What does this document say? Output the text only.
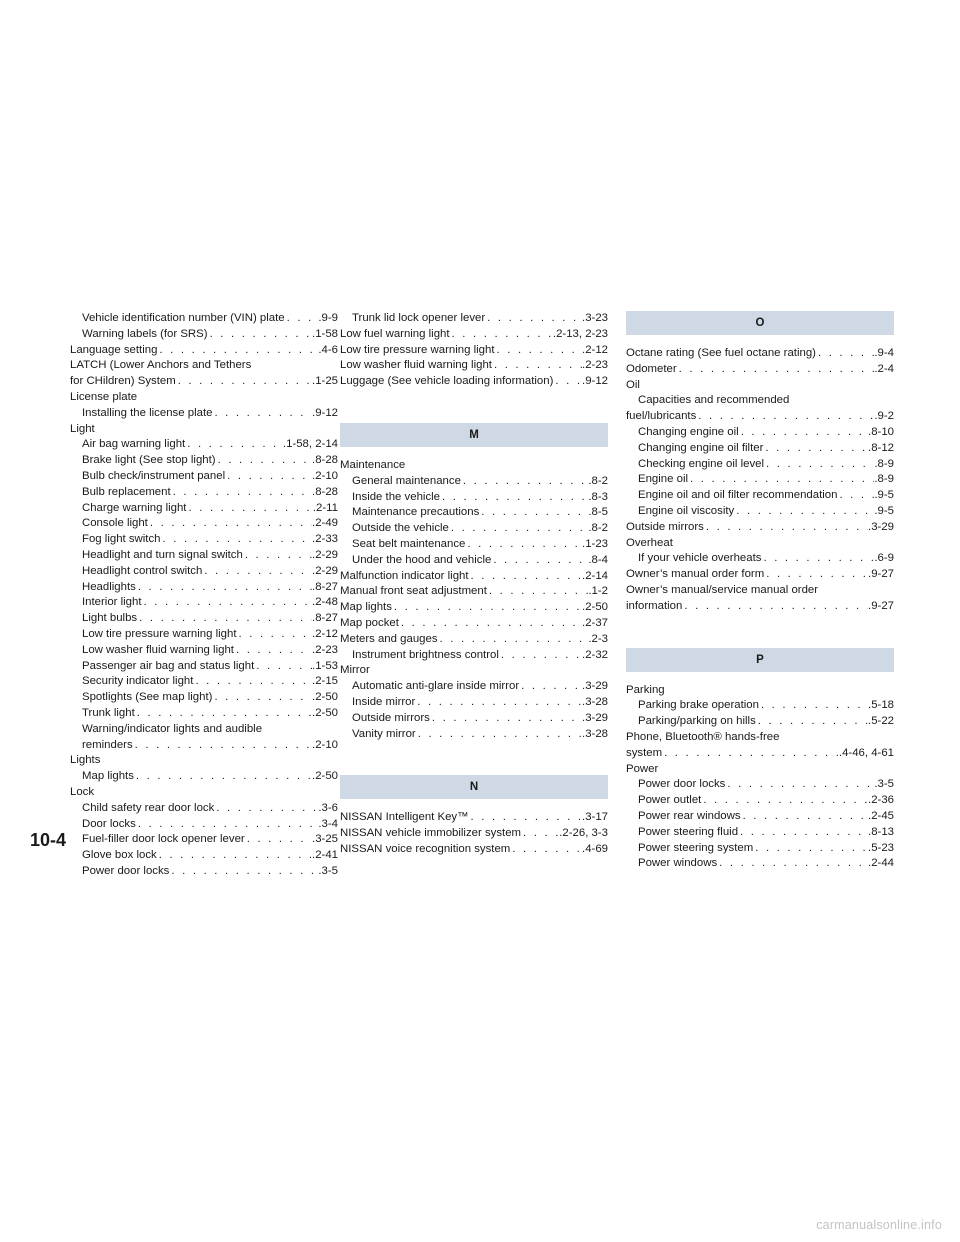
Vehicle identification number (VIN) plate . . .	.9-9
Warning labels (for SRS) . . .	.1-58
Language setting . . .	.4-6
LATCH (Lower Anchors and Tethers
for CHildren) System . . .	.1-25
License plate
Installing the license plate . . .	.9-12
Light
Air bag warning light . . .	.1-58, 2-14
Brake light (See stop light) . . .	.8-28
Bulb check/instrument panel . . .	.2-10
Bulb replacement . . .	.8-28
Charge warning light . . .	.2-11
Console light . . .	.2-49
Fog light switch . . .	.2-33
Headlight and turn signal switch . . .	.2-29
Headlight control switch . . .	.2-29
Headlights . . .	.8-27
Interior light . . .	.2-48
Light bulbs . . .	.8-27
Low tire pressure warning light . . .	.2-12
Low washer fluid warning light . . .	.2-23
Passenger air bag and status light . . .	.1-53
Security indicator light . . .	.2-15
Spotlights (See map light) . . .	.2-50
Trunk light . . .	.2-50
Warning/indicator lights and audible
reminders . . .	.2-10
Lights
Map lights . . .	.2-50
Lock
Child safety rear door lock . . .	.3-6
Door locks . . .	.3-4
Fuel-filler door lock opener lever . . .	.3-25
Glove box lock . . .	.2-41
Power door locks . . .	.3-5
Trunk lid lock opener lever . . .	.3-23
Low fuel warning light . . .	.2-13, 2-23
Low tire pressure warning light . . .	.2-12
Low washer fluid warning light . . .	.2-23
Luggage (See vehicle loading information) . . .	.9-12
M
Maintenance
General maintenance . . .	.8-2
Inside the vehicle . . .	.8-3
Maintenance precautions . . .	.8-5
Outside the vehicle . . .	.8-2
Seat belt maintenance . . .	.1-23
Under the hood and vehicle . . .	.8-4
Malfunction indicator light . . .	.2-14
Manual front seat adjustment . . .	.1-2
Map lights . . .	.2-50
Map pocket . . .	.2-37
Meters and gauges . . .	.2-3
Instrument brightness control . . .	.2-32
Mirror
Automatic anti-glare inside mirror . . .	.3-29
Inside mirror . . .	.3-28
Outside mirrors . . .	.3-29
Vanity mirror . . .	.3-28
N
NISSAN Intelligent Key™ . . .	.3-17
NISSAN vehicle immobilizer system . . .	.2-26, 3-3
NISSAN voice recognition system . . .	.4-69
O
Octane rating (See fuel octane rating) . . .	.9-4
Odometer . . .	.2-4
Oil
Capacities and recommended
fuel/lubricants . . .	.9-2
Changing engine oil . . .	.8-10
Changing engine oil filter . . .	.8-12
Checking engine oil level . . .	.8-9
Engine oil . . .	.8-9
Engine oil and oil filter recommendation . . .	.9-5
Engine oil viscosity . . .	.9-5
Outside mirrors . . .	.3-29
Overheat
If your vehicle overheats . . .	.6-9
Owner’s manual order form . . .	.9-27
Owner’s manual/service manual order
information . . .	.9-27
P
Parking
Parking brake operation . . .	.5-18
Parking/parking on hills . . .	.5-22
Phone, Bluetooth® hands-free
system . . .	.4-46, 4-61
Power
Power door locks . . .	.3-5
Power outlet . . .	.2-36
Power rear windows . . .	.2-45
Power steering fluid . . .	.8-13
Power steering system . . .	.5-23
Power windows . . .	.2-44
10-4
carmanualsonline.info
